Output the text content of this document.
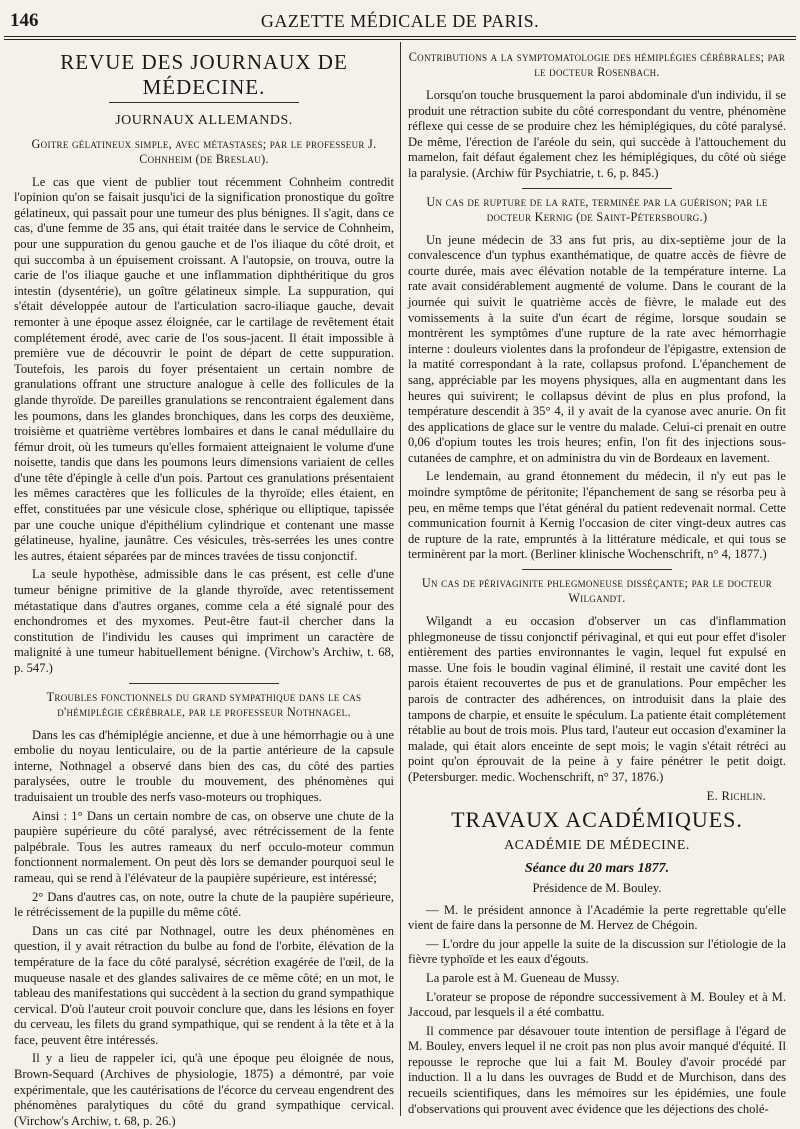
146	GAZETTE MÉDICALE DE PARIS.
REVUE DES JOURNAUX DE MÉDECINE.
JOURNAUX ALLEMANDS.

Goitre gélatineux simple, avec métastases; par le professeur J. Cohnheim (de Breslau).

Le cas que vient de publier tout récemment Cohnheim contredit l'opinion qu'on se faisait jusqu'ici de la signification pronostique du goître gélatineux, qui passait pour une tumeur des plus bénignes. Il s'agit, dans ce cas, d'une femme de 35 ans, qui était traitée dans le service de Cohnheim, pour une suppuration du genou gauche et de l'os iliaque du côté droit, et qui succomba à un épuisement croissant. A l'autopsie, on trouva, outre la carie de l'os iliaque gauche et une inflammation diphthéritique du gros intestin (dysentérie), un goître gélatineux simple. La suppuration, qui s'était développée autour de l'articulation sacro-iliaque gauche, devait remonter à une époque assez éloignée, car le cartilage de revêtement était complétement érodé, avec carie de l'os sous-jacent. Il était impossible à première vue de découvrir le point de départ de cette suppuration. Toutefois, les parois du foyer présentaient un certain nombre de granulations offrant une structure analogue à celle des follicules de la glande thyroïde. De pareilles granulations se rencontraient également dans les poumons, dans les glandes bronchiques, dans les corps des deuxième, troisième et quatrième vertèbres lombaires et dans le canal médullaire du fémur droit, où les tumeurs qu'elles formaient atteignaient le volume d'une noisette, tandis que dans les poumons leurs dimensions variaient de celles d'une tête d'épingle à celle d'un pois. Partout ces granulations présentaient les mêmes caractères que les follicules de la thyroïde; elles étaient, en effet, constituées par une vésicule close, sphérique ou elliptique, tapissée par une couche unique d'épithélium cylindrique et contenant une masse gélatineuse, hyaline, jaunâtre. Ces vésicules, très-serrées les unes contre les autres, étaient séparées par de minces travées de tissu conjonctif.

La seule hypothèse, admissible dans le cas présent, est celle d'une tumeur bénigne primitive de la glande thyroïde, avec retentissement métastatique dans d'autres organes, comme cela a été signalé pour des enchondromes et des myxomes. Peut-être faut-il chercher dans la constitution de l'individu les causes qui impriment un caractère de malignité à une tumeur habituellement bénigne. (Virchow's Archiw, t. 68, p. 547.)

Troubles fonctionnels du grand sympathique dans le cas d'hémiplégie cérébrale, par le professeur Nothnagel.

Dans les cas d'hémiplégie ancienne, et due à une hémorrhagie ou à une embolie du noyau lenticulaire, ou de la partie antérieure de la capsule interne, Nothnagel a observé dans bien des cas, du côté des parties paralysées, outre le trouble du mouvement, des phénomènes qui traduisaient un trouble des nerfs vaso-moteurs ou trophiques.

Ainsi : 1° Dans un certain nombre de cas, on observe une chute de la paupière supérieure du côté paralysé, avec rétrécissement de la fente palpébrale. Tous les autres rameaux du nerf occulo-moteur commun fonctionnent normalement. On peut dès lors se demander pourquoi seul le rameau, qui se rend à l'élévateur de la paupière supérieure, est intéressé;

2° Dans d'autres cas, on note, outre la chute de la paupière supérieure, le rétrécissement de la pupille du même côté.

Dans un cas cité par Nothnagel, outre les deux phénomènes en question, il y avait rétraction du bulbe au fond de l'orbite, élévation de la température de la face du côté paralysé, sécrétion exagérée de l'œil, de la muqueuse nasale et des glandes salivaires de ce même côté; en un mot, le tableau des manifestations qui succèdent à la section du grand sympathique cervical. D'où l'auteur croit pouvoir conclure que, dans les lésions en foyer du cerveau, les filets du grand sympathique, qui se rendent à la tête et à la face, peuvent être intéressés.

Il y a lieu de rappeler ici, qu'à une époque peu éloignée de nous, Brown-Sequard (Archives de physiologie, 1875) a démontré, par voie expérimentale, que les cautérisations de l'écorce du cerveau engendrent des phénomènes paralytiques du côté du grand sympathique cervical. (Virchow's Archiw, t. 68, p. 26.)

Contributions a la symptomatologie des hémiplégies cérébrales; par le docteur Rosenbach.

Lorsqu'on touche brusquement la paroi abdominale d'un individu, il se produit une rétraction subite du côté correspondant du ventre, phénomène réflexe qui cesse de se produire chez les hémiplégiques, du côté paralysé. De même, l'érection de l'aréole du sein, qui succède à l'attouchement du mamelon, fait défaut également chez les hémiplégiques, du côté où siége la paralysie. (Archiw für Psychiatrie, t. 6, p. 845.)

Un cas de rupture de la rate, terminée par la guérison; par le docteur Kernig (de Saint-Pétersbourg.)

Un jeune médecin de 33 ans fut pris, au dix-septième jour de la convalescence d'un typhus exanthématique, de quatre accès de fièvre de courte durée, mais avec élévation notable de la température interne. La rate avait considérablement augmenté de volume. Dans le courant de la journée qui suivit le quatrième accès de fièvre, le malade eut des vomissements à la suite d'un écart de régime, lorsque soudain se montrèrent les symptômes d'une rupture de la rate avec hémorrhagie interne : douleurs violentes dans la profondeur de l'épigastre, extension de la matité correspondant à la rate, collapsus profond. L'épanchement de sang, appréciable par les moyens physiques, alla en augmentant dans les heures qui suivirent; le collapsus dévint de plus en plus profond, la température descendit à 35° 4, il y avait de la cyanose avec anurie. On fit des applications de glace sur le ventre du malade. Celui-ci prenait en outre 0,06 d'opium toutes les trois heures; enfin, l'on fit des injections sous-cutanées de camphre, et on administra du vin de Bordeaux en lavement.

Le lendemain, au grand étonnement du médecin, il n'y eut pas le moindre symptôme de péritonite; l'épanchement de sang se résorba peu à peu, en même temps que l'état général du patient redevenait normal. Cette communication fournit à Kernig l'occasion de citer vingt-deux autres cas de rupture de la rate, empruntés à la littérature médicale, et qui tous se terminèrent par la mort. (Berliner klinische Wochenschrift, n° 4, 1877.)

Un cas de périvaginite phlegmoneuse disséçante; par le docteur Wilgandt.

Wilgandt a eu occasion d'observer un cas d'inflammation phlegmoneuse de tissu conjonctif périvaginal, et qui eut pour effet d'isoler entièrement des parties environnantes le vagin, lequel fut expulsé en masse. Une fois le boudin vaginal éliminé, il restait une cavité dont les parois étaient recouvertes de pus et de granulations. Pour empêcher les parois de contracter des adhérences, on introduisit dans la plaie des tampons de charpie, et ensuite le spéculum. La patiente était complétement rétablie au bout de trois mois. Plus tard, l'auteur eut occasion d'examiner la malade, qui était alors enceinte de sept mois; le vagin s'était rétréci au point qu'on éprouvait de la peine à y faire pénétrer le petit doigt. (Petersburger. medic. Wochenschrift, n° 37, 1876.)

E. Richlin.

TRAVAUX ACADÉMIQUES.
ACADÉMIE DE MÉDECINE.
Séance du 20 mars 1877.
Présidence de M. Bouley.

— M. le président annonce à l'Académie la perte regrettable qu'elle vient de faire dans la personne de M. Hervez de Chégoin.

— L'ordre du jour appelle la suite de la discussion sur l'étiologie de la fièvre typhoïde et les eaux d'égouts.

La parole est à M. Gueneau de Mussy.

L'orateur se propose de répondre successivement à M. Bouley et à M. Jaccoud, par lesquels il a été combattu.

Il commence par désavouer toute intention de persiflage à l'égard de M. Bouley, envers lequel il ne croit pas non plus avoir manqué d'équité. Il repousse le reproche que lui a fait M. Bouley d'avoir procédé par induction. Il a lu dans les ouvrages de Budd et de Murchison, dans des recueils scientifiques, dans les mémoires sur les épidémies, une foule d'observations qui prouvent avec évidence que les déjections des cholé-
